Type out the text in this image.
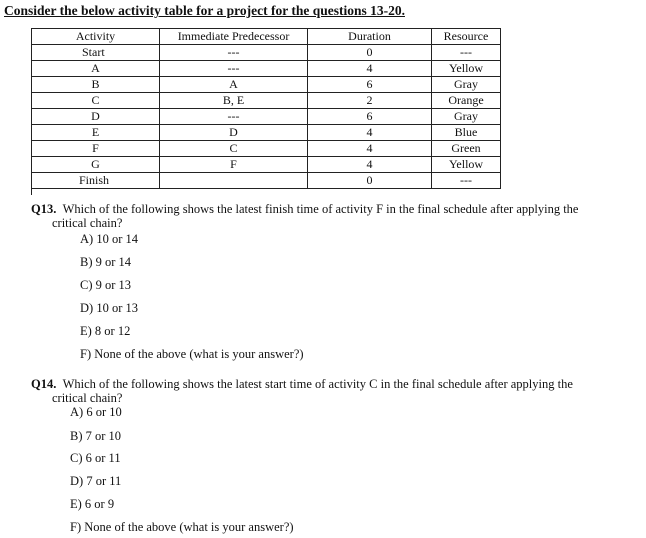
Consider the below activity table for a project for the questions 13-20.
Activity	Immediate Predecessor	Duration	Resource
Start	---	0	---
A	---	4	Yellow
B	A	6	Gray
C	B, E	2	Orange
D	---	6	Gray
E	D	4	Blue
F	C	4	Green
G	F	4	Yellow
Finish		0	---
Q13. Which of the following shows the latest finish time of activity F in the final schedule after applying the
critical chain?
A) 10 or 14
B) 9 or 14
C) 9 or 13
D) 10 or 13
E) 8 or 12
F) None of the above (what is your answer?)
Q14. Which of the following shows the latest start time of activity C in the final schedule after applying the
critical chain?
A) 6 or 10
B) 7 or 10
C) 6 or 11
D) 7 or 11
E) 6 or 9
F) None of the above (what is your answer?)
